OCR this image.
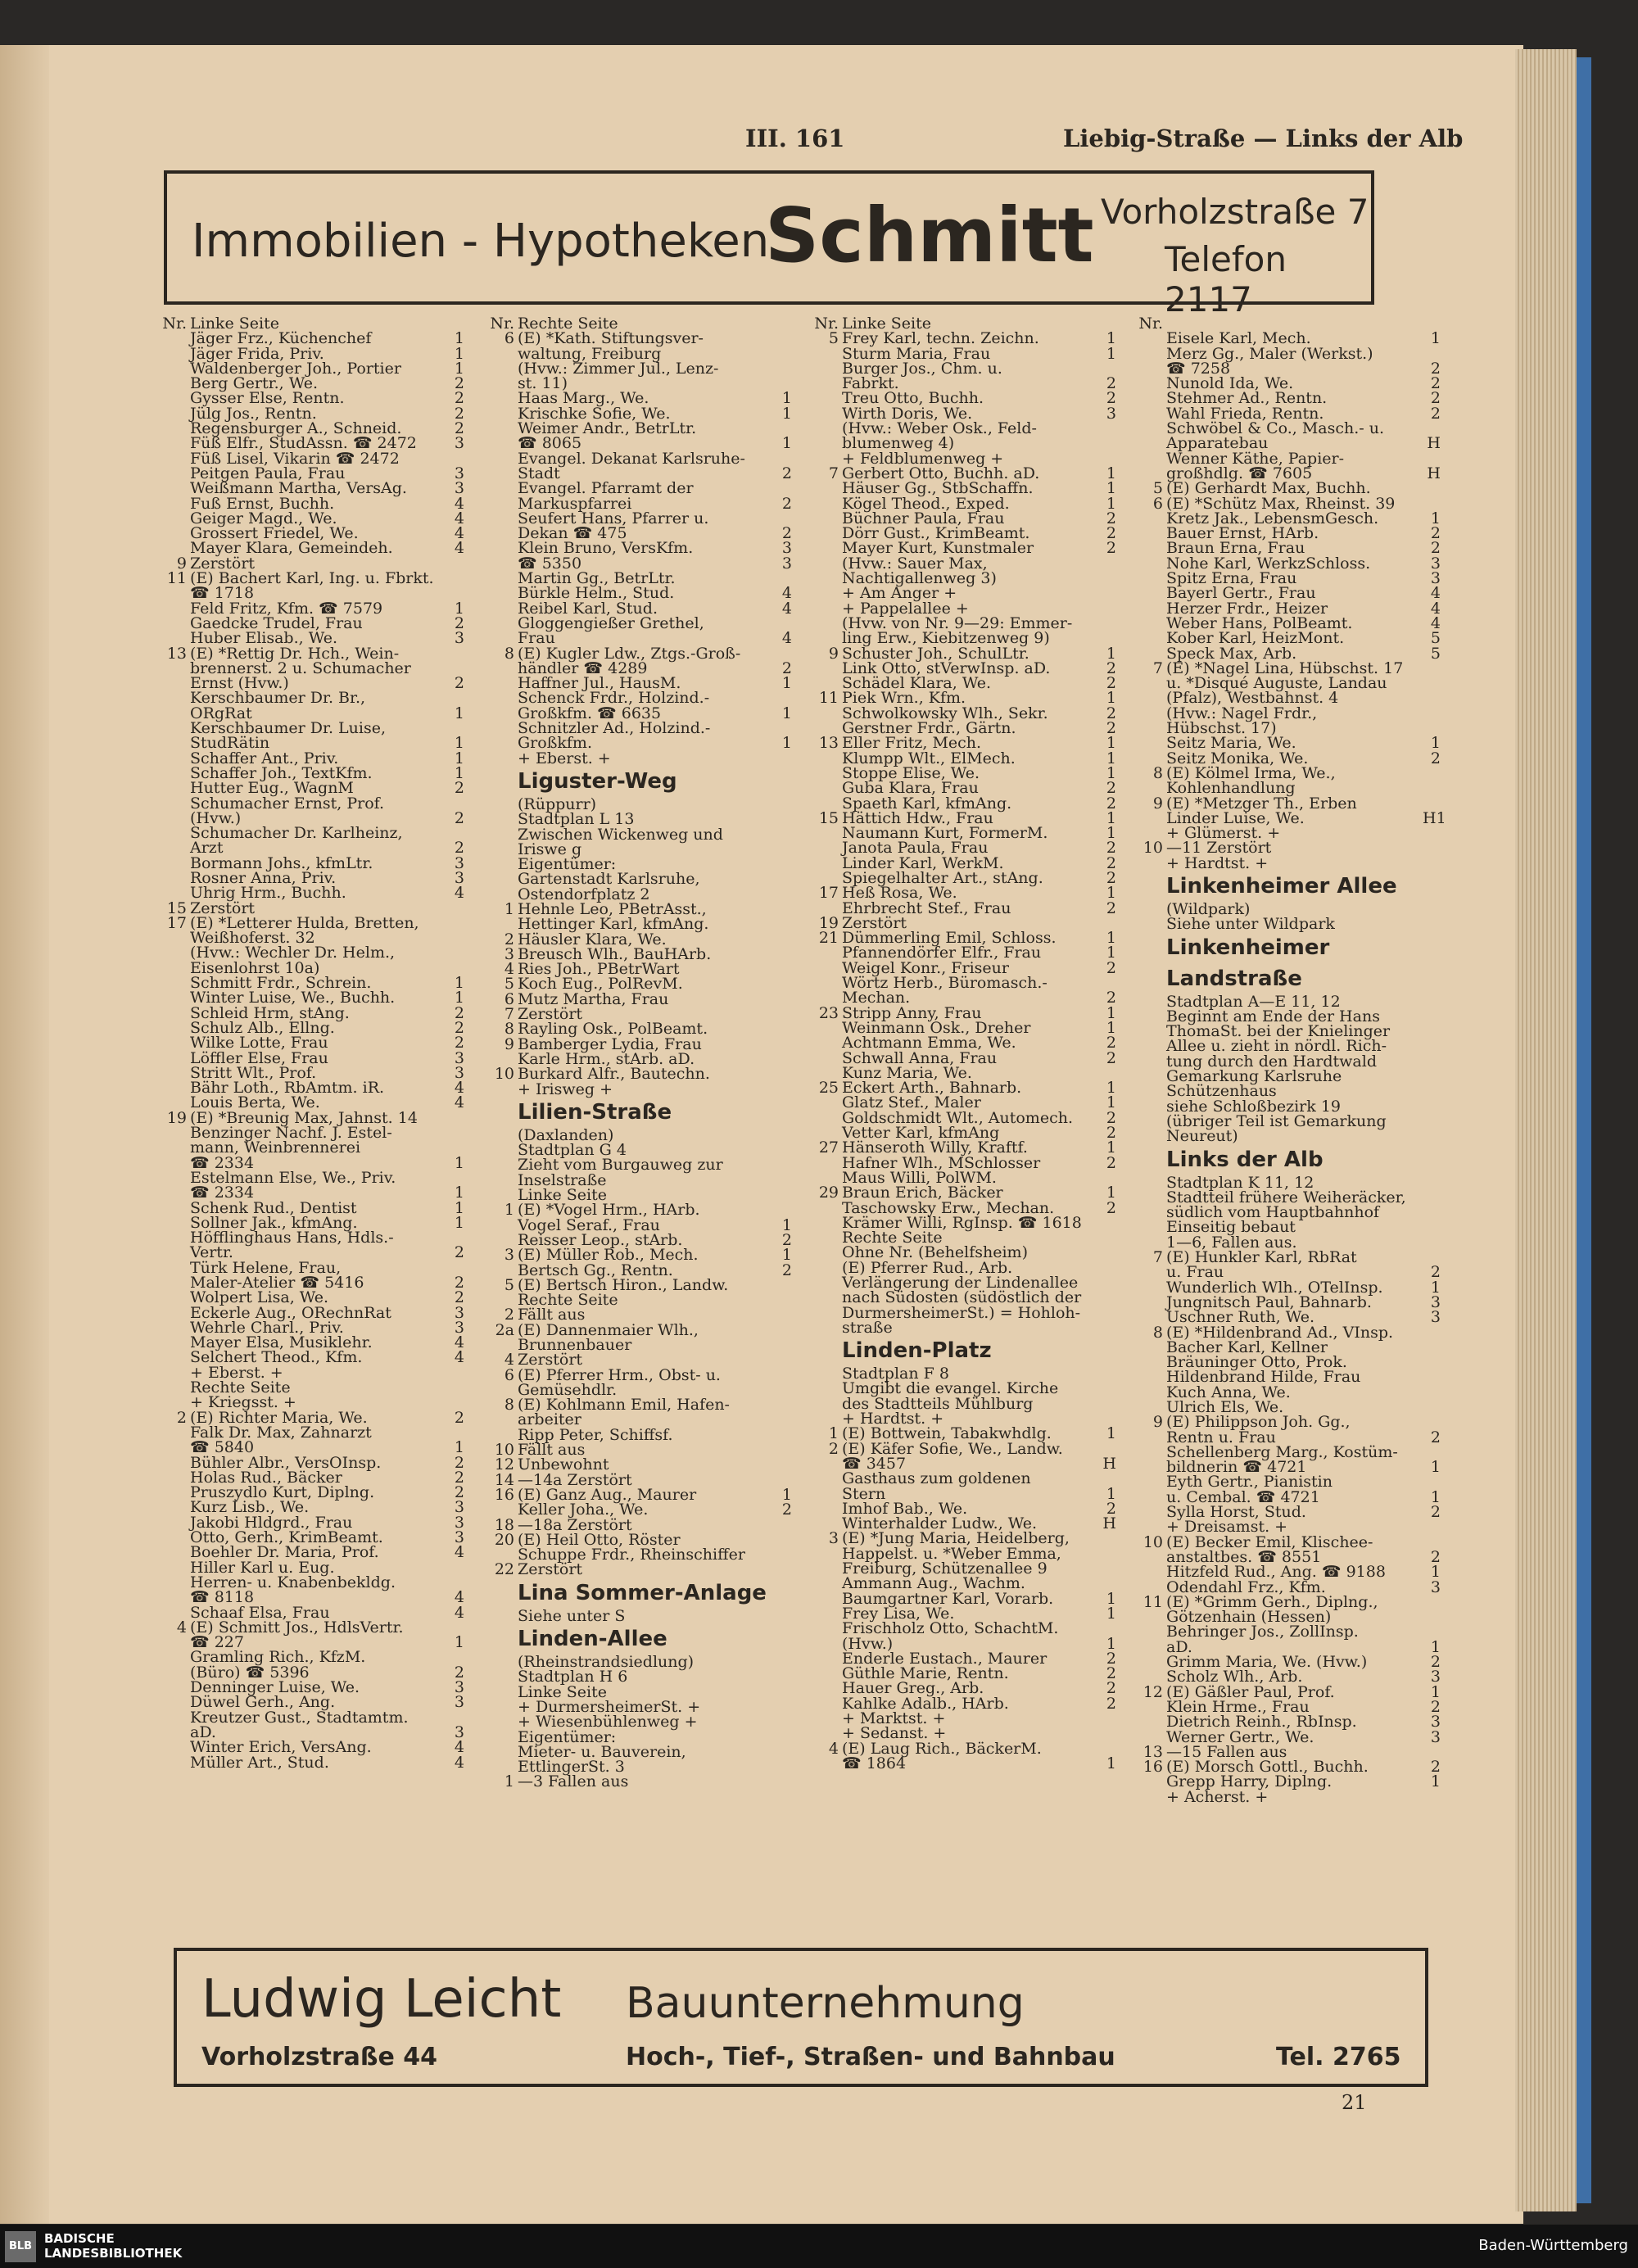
III. 161	Liebig-Straße — Links der Alb
Immobilien - Hypotheken
Schmitt Vorholzstraße 7
Telefon 2117
Nr. Linke Seite
Jäger Frz., Küchenchef	1
Jäger Frida, Priv.	1
Waldenberger Joh., Portier	1
Berg Gertr., We.	2
Gysser Else, Rentn.	2
Jülg Jos., Rentn.	2
Regensburger A., Schneid.	2
Füß Elfr., StudAssn. ☎ 2472	3
Füß Lisel, Vikarin ☎ 2472
Peitgen Paula, Frau	3
Weißmann Martha, VersAg.	3
Fuß Ernst, Buchh.	4
Geiger Magd., We.	4
Grossert Friedel, We.	4
Mayer Klara, Gemeindeh.	4
9 Zerstört
11 (E) Bachert Karl, Ing. u. Fbrkt.
☎ 1718
Feld Fritz, Kfm. ☎ 7579	1
Gaedcke Trudel, Frau	2
Huber Elisab., We.	3
13 (E) *Rettig Dr. Hch., Wein-
brennerst. 2 u. Schumacher
Ernst (Hvw.)	2
Kerschbaumer Dr. Br.,
ORgRat	1
Kerschbaumer Dr. Luise,
StudRätin	1
Schaffer Ant., Priv.	1
Schaffer Joh., TextKfm.	1
Hutter Eug., WagnM	2
Schumacher Ernst, Prof.
(Hvw.)	2
Schumacher Dr. Karlheinz,
Arzt	2
Bormann Johs., kfmLtr.	3
Rosner Anna, Priv.	3
Uhrig Hrm., Buchh.	4
15 Zerstört
17 (E) *Letterer Hulda, Bretten,
Weißhoferst. 32
(Hvw.: Wechler Dr. Helm.,
Eisenlohrst 10a)
Schmitt Frdr., Schrein.	1
Winter Luise, We., Buchh.	1
Schleid Hrm, stAng.	2
Schulz Alb., Ellng.	2
Wilke Lotte, Frau	2
Löffler Else, Frau	3
Stritt Wlt., Prof.	3
Bähr Loth., RbAmtm. iR.	4
Louis Berta, We.	4
19 (E) *Breunig Max, Jahnst. 14
Benzinger Nachf. J. Estel-
mann, Weinbrennerei
☎ 2334	1
Estelmann Else, We., Priv.
☎ 2334	1
Schenk Rud., Dentist	1
Sollner Jak., kfmAng.	1
Höfflinghaus Hans, Hdls.-
Vertr.	2
Türk Helene, Frau,
Maler-Atelier ☎ 5416	2
Wolpert Lisa, We.	2
Eckerle Aug., ORechnRat	3
Wehrle Charl., Priv.	3
Mayer Elsa, Musiklehr.	4
Selchert Theod., Kfm.	4
+ Eberst. +
Rechte Seite
+ Kriegsst. +
2 (E) Richter Maria, We.	2
Falk Dr. Max, Zahnarzt
☎ 5840	1
Bühler Albr., VersOInsp.	2
Holas Rud., Bäcker	2
Pruszydlo Kurt, Diplng.	2
Kurz Lisb., We.	3
Jakobi Hldgrd., Frau	3
Otto, Gerh., KrimBeamt.	3
Boehler Dr. Maria, Prof.	4
Hiller Karl u. Eug.
Herren- u. Knabenbekldg.
☎ 8118	4
Schaaf Elsa, Frau	4
4 (E) Schmitt Jos., HdlsVertr.
☎ 227	1
Gramling Rich., KfzM.
(Büro) ☎ 5396	2
Denninger Luise, We.	3
Düwel Gerh., Ang.	3
Kreutzer Gust., Stadtamtm.
aD.	3
Winter Erich, VersAng.	4
Müller Art., Stud.	4
Nr. Rechte Seite
6 (E) *Kath. Stiftungsver-
waltung, Freiburg
(Hvw.: Zimmer Jul., Lenz-
st. 11)
Haas Marg., We.	1
Krischke Sofie, We.	1
Weimer Andr., BetrLtr.
☎ 8065	1
Evangel. Dekanat Karlsruhe-
Stadt	2
Evangel. Pfarramt der
Markuspfarrei	2
Seufert Hans, Pfarrer u.
Dekan ☎ 475	2
Klein Bruno, VersKfm.	3
☎ 5350	3
Martin Gg., BetrLtr.
Bürkle Helm., Stud.	4
Reibel Karl, Stud.	4
Gloggengießer Grethel,
Frau	4
8 (E) Kugler Ldw., Ztgs.-Groß-
händler ☎ 4289	2
Haffner Jul., HausM.	1
Schenck Frdr., Holzind.-
Großkfm. ☎ 6635	1
Schnitzler Ad., Holzind.-
Großkfm.	1
+ Eberst. +
Liguster-Weg
(Rüppurr)
Stadtplan L 13
Zwischen Wickenweg und
Iriswe g
Eigentümer:
Gartenstadt Karlsruhe,
Ostendorfplatz 2
1 Hehnle Leo, PBetrAsst.,
Hettinger Karl, kfmAng.
2 Häusler Klara, We.
3 Breusch Wlh., BauHArb.
4 Ries Joh., PBetrWart
5 Koch Eug., PolRevM.
6 Mutz Martha, Frau
7 Zerstört
8 Rayling Osk., PolBeamt.
9 Bamberger Lydia, Frau
Karle Hrm., stArb. aD.
10 Burkard Alfr., Bautechn.
+ Irisweg +
Lilien-Straße
(Daxlanden)
Stadtplan G 4
Zieht vom Burgauweg zur
Inselstraße
Linke Seite
1 (E) *Vogel Hrm., HArb.
Vogel Seraf., Frau	1
Reisser Leop., stArb.	2
3 (E) Müller Rob., Mech.	1
Bertsch Gg., Rentn.	2
5 (E) Bertsch Hiron., Landw.
Rechte Seite
2 Fällt aus
2a (E) Dannenmaier Wlh.,
Brunnenbauer
4 Zerstört
6 (E) Pferrer Hrm., Obst- u.
Gemüsehdlr.
8 (E) Kohlmann Emil, Hafen-
arbeiter
Ripp Peter, Schiffsf.
10 Fällt aus
12 Unbewohnt
14 —14a Zerstört
16 (E) Ganz Aug., Maurer	1
Keller Joha., We.	2
18 —18a Zerstört
20 (E) Heil Otto, Röster
Schuppe Frdr., Rheinschiffer
22 Zerstört
Lina Sommer-Anlage
Siehe unter S
Linden-Allee
(Rheinstrandsiedlung)
Stadtplan H 6
Linke Seite
+ DurmersheimerSt. +
+ Wiesenbühlenweg +
Eigentümer:
Mieter- u. Bauverein,
EttlingerSt. 3
1 —3 Fallen aus
Nr. Linke Seite
5 Frey Karl, techn. Zeichn.	1
Sturm Maria, Frau	1
Burger Jos., Chm. u.
Fabrkt.	2
Treu Otto, Buchh.	2
Wirth Doris, We.	3
(Hvw.: Weber Osk., Feld-
blumenweg 4)
+ Feldblumenweg +
7 Gerbert Otto, Buchh. aD.	1
Häuser Gg., StbSchaffn.	1
Kögel Theod., Exped.	1
Büchner Paula, Frau	2
Dörr Gust., KrimBeamt.	2
Mayer Kurt, Kunstmaler	2
(Hvw.: Sauer Max,
Nachtigallenweg 3)
+ Am Anger +
+ Pappelallee +
(Hvw. von Nr. 9—29: Emmer-
ling Erw., Kiebitzenweg 9)
9 Schuster Joh., SchulLtr.	1
Link Otto, stVerwInsp. aD.	2
Schädel Klara, We.	2
11 Piek Wrn., Kfm.	1
Schwolkowsky Wlh., Sekr.	2
Gerstner Frdr., Gärtn.	2
13 Eller Fritz, Mech.	1
Klumpp Wlt., ElMech.	1
Stoppe Elise, We.	1
Guba Klara, Frau	2
Spaeth Karl, kfmAng.	2
15 Hättich Hdw., Frau	1
Naumann Kurt, FormerM.	1
Janota Paula, Frau	2
Linder Karl, WerkM.	2
Spiegelhalter Art., stAng.	2
17 Heß Rosa, We.	1
Ehrbrecht Stef., Frau	2
19 Zerstört
21 Dümmerling Emil, Schloss.	1
Pfannendörfer Elfr., Frau	1
Weigel Konr., Friseur	2
Wörtz Herb., Büromasch.-
Mechan.	2
23 Stripp Anny, Frau	1
Weinmann Osk., Dreher	1
Achtmann Emma, We.	2
Schwall Anna, Frau	2
Kunz Maria, We.
25 Eckert Arth., Bahnarb.	1
Glatz Stef., Maler	1
Goldschmidt Wlt., Automech.	2
Vetter Karl, kfmAng	2
27 Hänseroth Willy, Kraftf.	1
Hafner Wlh., MSchlosser	2
Maus Willi, PolWM.
29 Braun Erich, Bäcker	1
Taschowsky Erw., Mechan.	2
Krämer Willi, RgInsp. ☎ 1618
Rechte Seite
Ohne Nr. (Behelfsheim)
(E) Pferrer Rud., Arb.
Verlängerung der Lindenallee
nach Südosten (südöstlich der
DurmersheimerSt.) = Hohloh-
straße
Linden-Platz
Stadtplan F 8
Umgibt die evangel. Kirche
des Stadtteils Mühlburg
+ Hardtst. +
1 (E) Bottwein, Tabakwhdlg.	1
2 (E) Käfer Sofie, We., Landw.
☎ 3457	H
Gasthaus zum goldenen
Stern	1
Imhof Bab., We.	2
Winterhalder Ludw., We.	H
3 (E) *Jung Maria, Heidelberg,
Happelst. u. *Weber Emma,
Freiburg, Schützenallee 9
Ammann Aug., Wachm.
Baumgartner Karl, Vorarb.	1
Frey Lisa, We.	1
Frischholz Otto, SchachtM.
(Hvw.)	1
Enderle Eustach., Maurer	2
Güthle Marie, Rentn.	2
Hauer Greg., Arb.	2
Kahlke Adalb., HArb.	2
+ Marktst. +
+ Sedanst. +
4 (E) Laug Rich., BäckerM.
☎ 1864	1
Nr.
Eisele Karl, Mech.	1
Merz Gg., Maler (Werkst.)
☎ 7258	2
Nunold Ida, We.	2
Stehmer Ad., Rentn.	2
Wahl Frieda, Rentn.	2
Schwöbel & Co., Masch.- u.
Apparatebau	H
Wenner Käthe, Papier-
großhdlg. ☎ 7605	H
5 (E) Gerhardt Max, Buchh.
6 (E) *Schütz Max, Rheinst. 39
Kretz Jak., LebensmGesch.	1
Bauer Ernst, HArb.	2
Braun Erna, Frau	2
Nohe Karl, WerkzSchloss.	3
Spitz Erna, Frau	3
Bayerl Gertr., Frau	4
Herzer Frdr., Heizer	4
Weber Hans, PolBeamt.	4
Kober Karl, HeizMont.	5
Speck Max, Arb.	5
7 (E) *Nagel Lina, Hübschst. 17
u. *Disqué Auguste, Landau
(Pfalz), Westbahnst. 4
(Hvw.: Nagel Frdr.,
Hübschst. 17)
Seitz Maria, We.	1
Seitz Monika, We.	2
8 (E) Kölmel Irma, We.,
Kohlenhandlung
9 (E) *Metzger Th., Erben
Linder Luise, We.	H1
+ Glümerst. +
10 —11 Zerstört
+ Hardtst. +
Linkenheimer Allee
(Wildpark)
Siehe unter Wildpark
Linkenheimer
Landstraße
Stadtplan A—E 11, 12
Beginnt am Ende der Hans
ThomaSt. bei der Knielinger
Allee u. zieht in nördl. Rich-
tung durch den Hardtwald
Gemarkung Karlsruhe
Schützenhaus
siehe Schloßbezirk 19
(übriger Teil ist Gemarkung
Neureut)
Links der Alb
Stadtplan K 11, 12
Stadtteil frühere Weiheräcker,
südlich vom Hauptbahnhof
Einseitig bebaut
1—6, Fallen aus.
7 (E) Hunkler Karl, RbRat
u. Frau	2
Wunderlich Wlh., OTelInsp.	1
Jungnitsch Paul, Bahnarb.	3
Uschner Ruth, We.	3
8 (E) *Hildenbrand Ad., VInsp.
Bacher Karl, Kellner
Bräuninger Otto, Prok.
Hildenbrand Hilde, Frau
Kuch Anna, We.
Ulrich Els, We.
9 (E) Philippson Joh. Gg.,
Rentn u. Frau	2
Schellenberg Marg., Kostüm-
bildnerin ☎ 4721	1
Eyth Gertr., Pianistin
u. Cembal. ☎ 4721	1
Sylla Horst, Stud.	2
+ Dreisamst. +
10 (E) Becker Emil, Klischee-
anstaltbes. ☎ 8551	2
Hitzfeld Rud., Ang. ☎ 9188	1
Odendahl Frz., Kfm.	3
11 (E) *Grimm Gerh., Diplng.,
Götzenhain (Hessen)
Behringer Jos., ZollInsp.
aD.	1
Grimm Maria, We. (Hvw.)	2
Scholz Wlh., Arb.	3
12 (E) Gäßler Paul, Prof.	1
Klein Hrme., Frau	2
Dietrich Reinh., RbInsp.	3
Werner Gertr., We.	3
13 —15 Fallen aus
16 (E) Morsch Gottl., Buchh.	2
Grepp Harry, Diplng.	1
+ Acherst. +
Ludwig Leicht Bauunternehmung
Vorholzstraße 44	Hoch-, Tief-, Straßen- und Bahnbau	Tel. 2765
21
BLB
BADISCHE
LANDESBIBLIOTHEK	Baden-Württemberg
